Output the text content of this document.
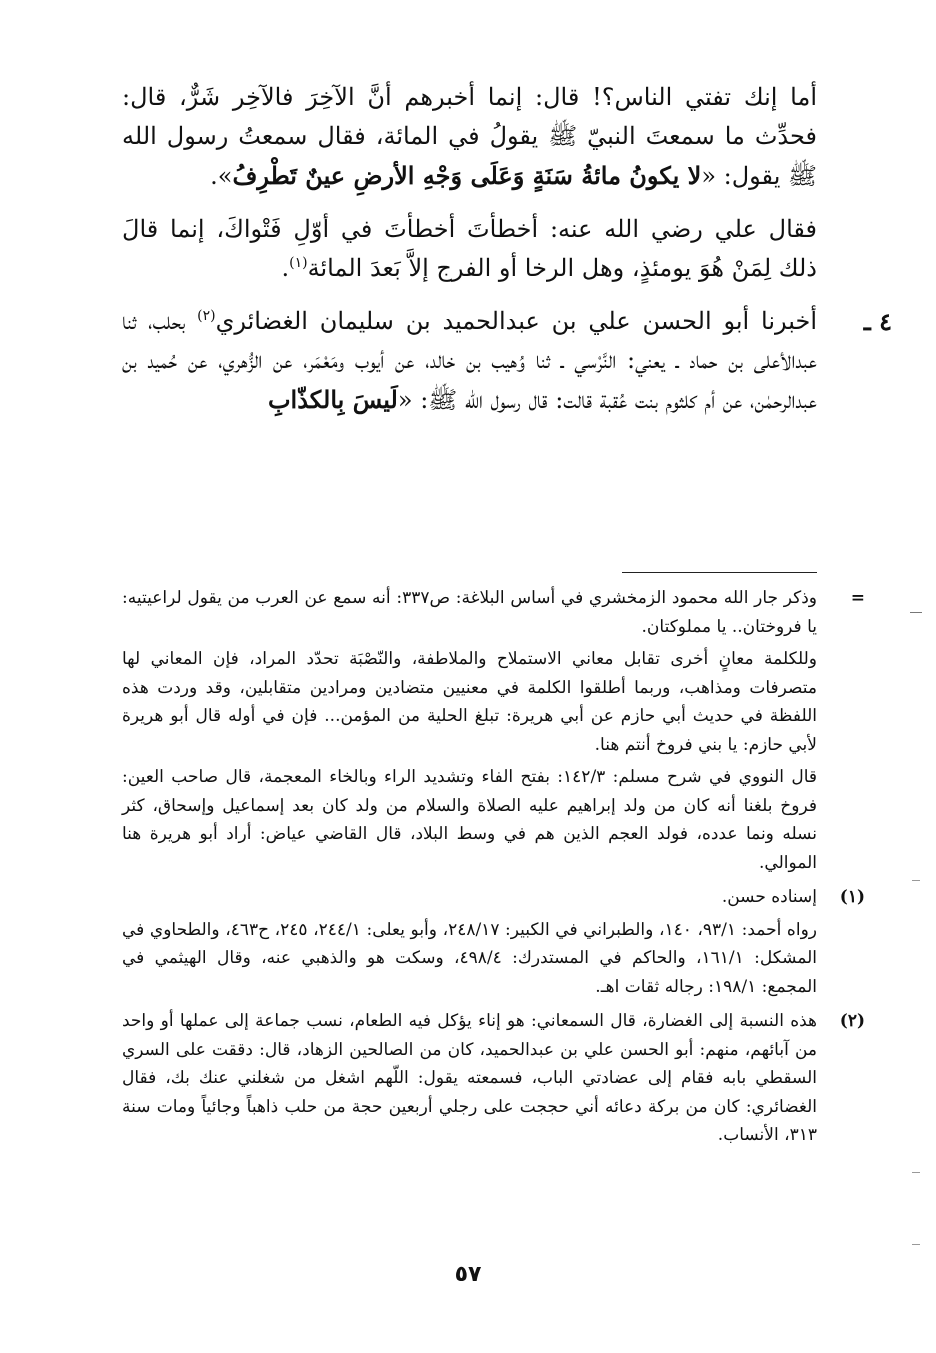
أما إنك تفتي الناس؟! قال: إنما أخبرهم أنَّ الآخِرَ فالآخِر شَرٌّ، قال: فحدِّث ما سمعتَ النبيّ ﷺ يقولُ في المائة، فقال سمعتُ رسول الله ﷺ يقول: «لا يكونُ مائةُ سَنَةٍ وَعَلَى وَجْهِ الأرضِ عينٌ تَطْرِفُ».

فقال علي رضي الله عنه: أخطأتَ أخطأتَ في أوّلِ فَتْواكَ، إنما قالَ ذلك لِمَنْ هُوَ يومئذٍ، وهل الرخا أو الفرج إلاَّ بَعدَ المائة$^{(١)}$.

٤ ـ
أخبرنا أبو الحسن علي بن عبدالحميد بن سليمان الغضائري$^{(٢)}$ بحلب، ثنا عبدالأعلى بن حماد ـ يعني: النَّرْسي ـ ثنا وُهيب بن خالد، عن أيوب ومَعْمَر، عن الزُّهري، عن حُميد بن عبدالرحمٰن، عن أم كلثوم بنت عُقبة قالت: قال رسول الله ﷺ: «لَيسَ بِالكذّابِ

=

وذكر جار الله محمود الزمخشري في أساس البلاغة: ص٣٣٧: أنه سمع عن العرب من يقول لراعيتيه: يا فروختان.. يا مملوكتان.

وللكلمة معانٍ أخرى تقابل معاني الاستملاح والملاطفة، والنّصْبَة تحدّد المراد، فإن المعاني لها متصرفات ومذاهب، وربما أطلقوا الكلمة في معنيين متضادين ومرادين متقابلين، وقد وردت هذه اللفظة في حديث أبي حازم عن أبي هريرة: تبلغ الحلية من المؤمن... فإن في أوله قال أبو هريرة لأبي حازم: يا بني فروخ أنتم هنا.

قال النووي في شرح مسلم: ١٤٢/٣: بفتح الفاء وتشديد الراء وبالخاء المعجمة، قال صاحب العين: فروخ بلغنا أنه كان من ولد إبراهيم عليه الصلاة والسلام من ولد كان بعد إسماعيل وإسحاق، كثر نسله ونما عدده، فولد العجم الذين هم في وسط البلاد، قال القاضي عياض: أراد أبو هريرة هنا الموالي.

(١)

إسناده حسن.

رواه أحمد: ٩٣/١، ١٤٠، والطبراني في الكبير: ٢٤٨/١٧، وأبو يعلى: ٢٤٤/١، ٢٤٥، ح٤٦٣، والطحاوي في المشكل: ١٦١/١، والحاكم في المستدرك: ٤٩٨/٤، وسكت هو والذهبي عنه، وقال الهيثمي في المجمع: ١٩٨/١: رجاله ثقات اهـ.

(٢)

هذه النسبة إلى الغضارة، قال السمعاني: هو إناء يؤكل فيه الطعام، نسب جماعة إلى عملها أو واحد من آبائهم، منهم: أبو الحسن علي بن عبدالحميد، كان من الصالحين الزهاد، قال: دققت على السري السقطي بابه فقام إلى عضادتي الباب، فسمعته يقول: اللّهم اشغل من شغلني عنك بك، فقال الغضائري: كان من بركة دعائه أني حججت على رجلي أربعين حجة من حلب ذاهباً وجائياً ومات سنة ٣١٣، الأنساب.

٥٧
